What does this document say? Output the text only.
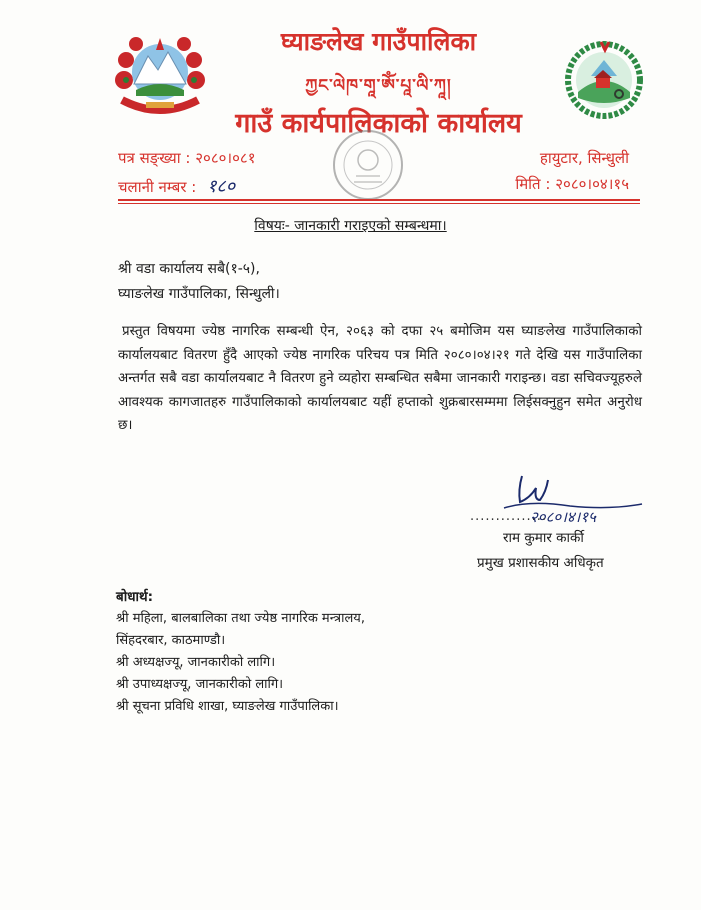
घ्याङलेख गाउँपालिका
ཀྱང་ལེཁ་གཱ་ཨོཾ་པཱ་ལི་ཀཱ།
गाउँ कार्यपालिकाको कार्यालय
पत्र सङ्ख्या : २०८०।०८१
चलानी नम्बर : १८०
हायुटार, सिन्धुली
मिति : २०८०।०४।१५
विषयः- जानकारी गराइएको सम्बन्धमा।
श्री वडा कार्यालय सबै(१-५),
घ्याङलेख गाउँपालिका, सिन्धुली।
प्रस्तुत विषयमा ज्येष्ठ नागरिक सम्बन्धी ऐन, २०६३ को दफा २५ बमोजिम यस घ्याङलेख गाउँपालिकाको कार्यालयबाट वितरण हुँदै आएको ज्येष्ठ नागरिक परिचय पत्र मिति २०८०।०४।२१ गते देखि यस गाउँपालिका अन्तर्गत सबै वडा कार्यालयबाट नै वितरण हुने व्यहोरा सम्बन्धित सबैमा जानकारी गराइन्छ। वडा सचिवज्यूहरुले आवश्यक कागजातहरु गाउँपालिकाको कार्यालयबाट यहीं हप्ताको शुक्रबारसम्ममा लिईसक्नुहुन समेत अनुरोध छ।
२०८०।४।१५
...............
राम कुमार कार्की
प्रमुख प्रशासकीय अधिकृत
बोधार्थ:
श्री महिला, बालबालिका तथा ज्येष्ठ नागरिक मन्त्रालय,
सिंहदरबार, काठमाण्डौ।
श्री अध्यक्षज्यू, जानकारीको लागि।
श्री उपाध्यक्षज्यू, जानकारीको लागि।
श्री सूचना प्रविधि शाखा, घ्याङलेख गाउँपालिका।
